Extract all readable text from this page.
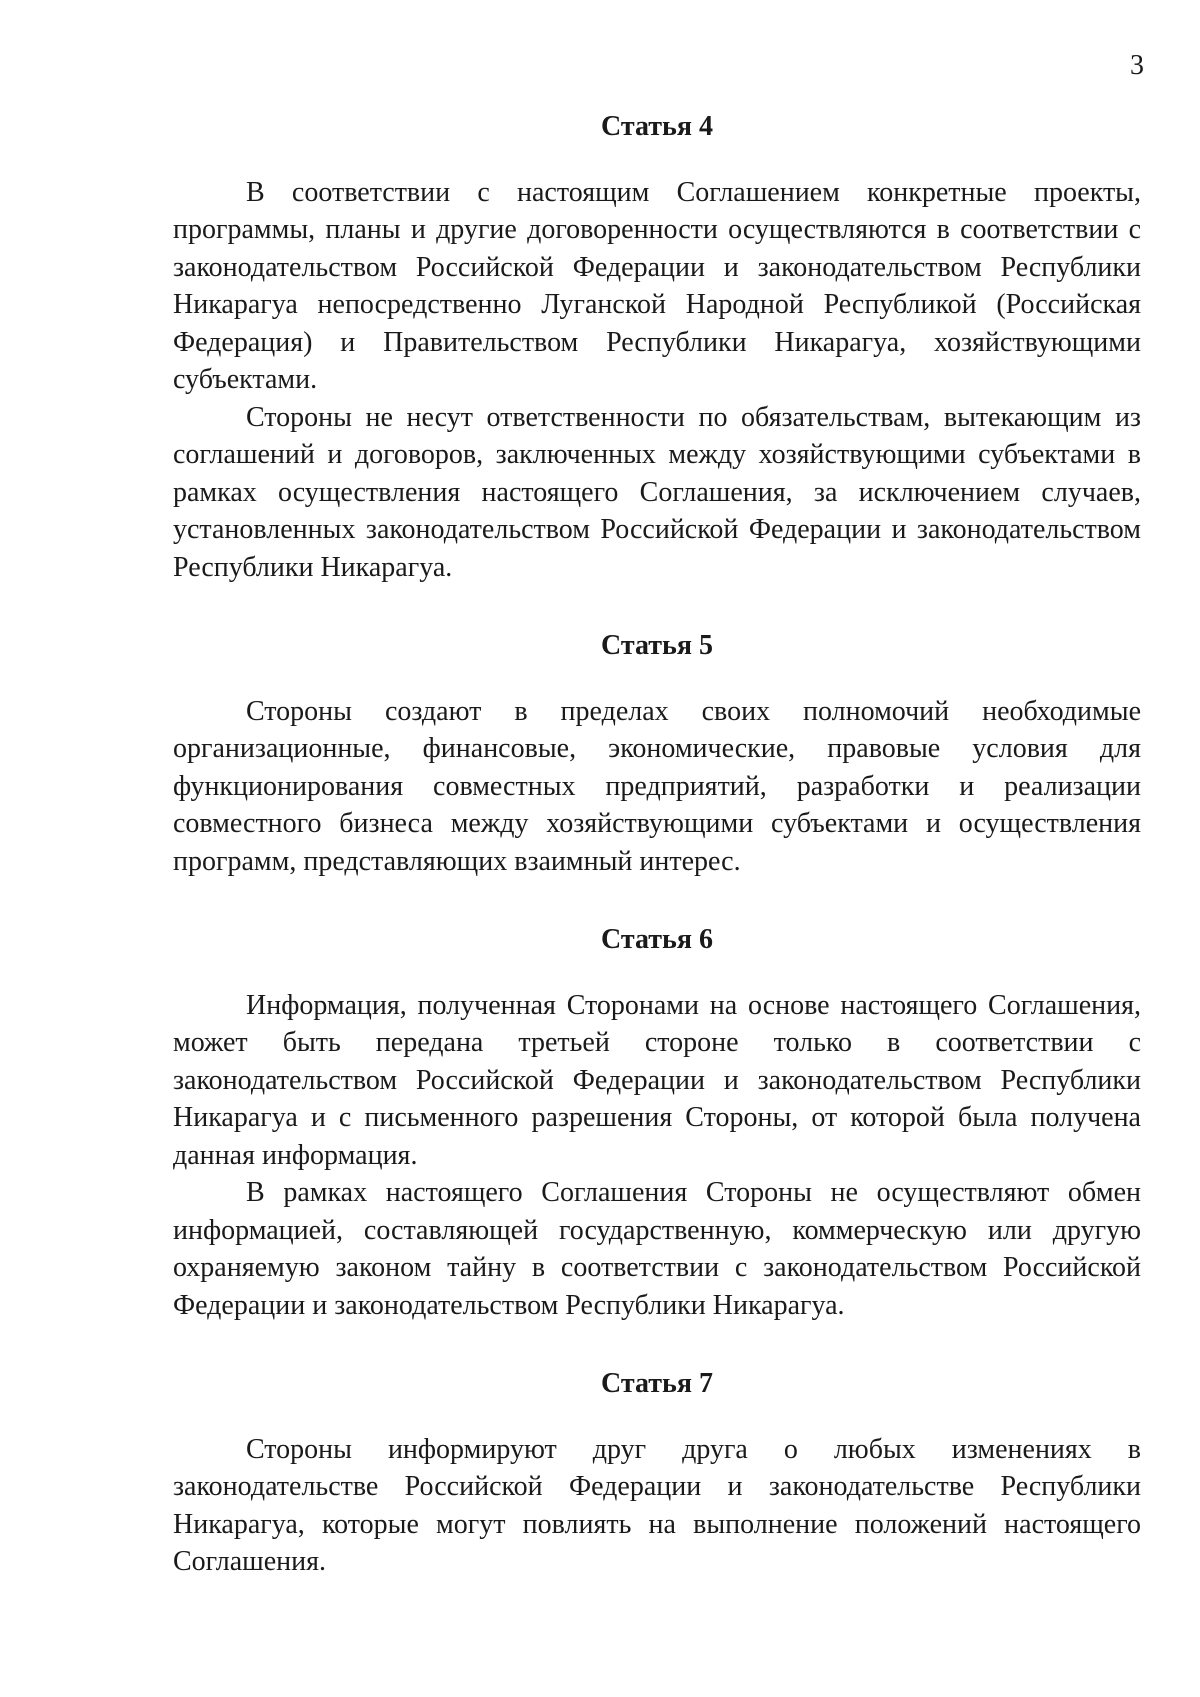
3
Статья 4

В соответствии с настоящим Соглашением конкретные проекты, программы, планы и другие договоренности осуществляются в соответствии с законодательством Российской Федерации и законодательством Республики Никарагуа непосредственно Луганской Народной Республикой (Российская Федерация) и Правительством Республики Никарагуа, хозяйствующими субъектами.

Стороны не несут ответственности по обязательствам, вытекающим из соглашений и договоров, заключенных между хозяйствующими субъектами в рамках осуществления настоящего Соглашения, за исключением случаев, установленных законодательством Российской Федерации и законодательством Республики Никарагуа.

Статья 5

Стороны создают в пределах своих полномочий необходимые организационные, финансовые, экономические, правовые условия для функционирования совместных предприятий, разработки и реализации совместного бизнеса между хозяйствующими субъектами и осуществления программ, представляющих взаимный интерес.

Статья 6

Информация, полученная Сторонами на основе настоящего Соглашения, может быть передана третьей стороне только в соответствии с законодательством Российской Федерации и законодательством Республики Никарагуа и с письменного разрешения Стороны, от которой была получена данная информация.

В рамках настоящего Соглашения Стороны не осуществляют обмен информацией, составляющей государственную, коммерческую или другую охраняемую законом тайну в соответствии с законодательством Российской Федерации и законодательством Республики Никарагуа.

Статья 7

Стороны информируют друг друга о любых изменениях в законодательстве Российской Федерации и законодательстве Республики Никарагуа, которые могут повлиять на выполнение положений настоящего Соглашения.
